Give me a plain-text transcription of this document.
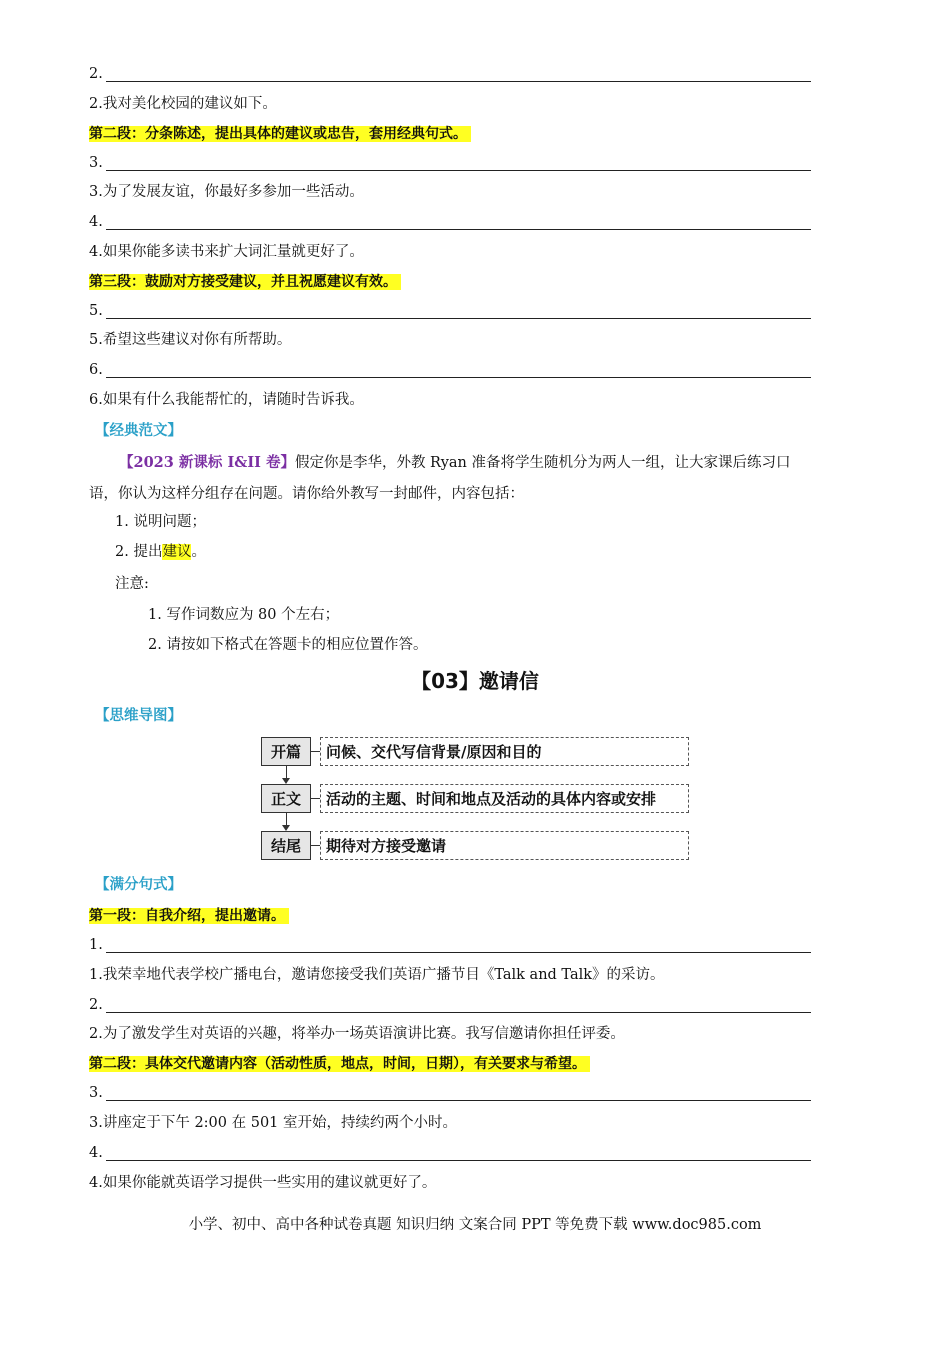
2.
2.我对美化校园的建议如下。
第二段：分条陈述，提出具体的建议或忠告，套用经典句式。
3.
3.为了发展友谊，你最好多参加一些活动。
4.
4.如果你能多读书来扩大词汇量就更好了。
第三段：鼓励对方接受建议，并且祝愿建议有效。
5.
5.希望这些建议对你有所帮助。
6.
6.如果有什么我能帮忙的，请随时告诉我。
【经典范文】
【2023 新课标 I&II 卷】假定你是李华，外教 Ryan 准备将学生随机分为两人一组，让大家课后练习口
语，你认为这样分组存在问题。请你给外教写一封邮件，内容包括：
1. 说明问题；
2. 提出建议。
注意:
1. 写作词数应为 80 个左右；
2. 请按如下格式在答题卡的相应位置作答。
【03】邀请信
【思维导图】
开篇	问候、交代写信背景/原因和目的
正文	活动的主题、时间和地点及活动的具体内容或安排
结尾	期待对方接受邀请
【满分句式】
第一段：自我介绍，提出邀请。
1.
1.我荣幸地代表学校广播电台，邀请您接受我们英语广播节目《Talk and Talk》的采访。
2.
2.为了激发学生对英语的兴趣，将举办一场英语演讲比赛。我写信邀请你担任评委。
第二段：具体交代邀请内容（活动性质，地点，时间，日期），有关要求与希望。
3.
3.讲座定于下午 2:00 在 501 室开始，持续约两个小时。
4.
4.如果你能就英语学习提供一些实用的建议就更好了。
小学、初中、高中各种试卷真题 知识归纳 文案合同 PPT 等免费下载 www.doc985.com
